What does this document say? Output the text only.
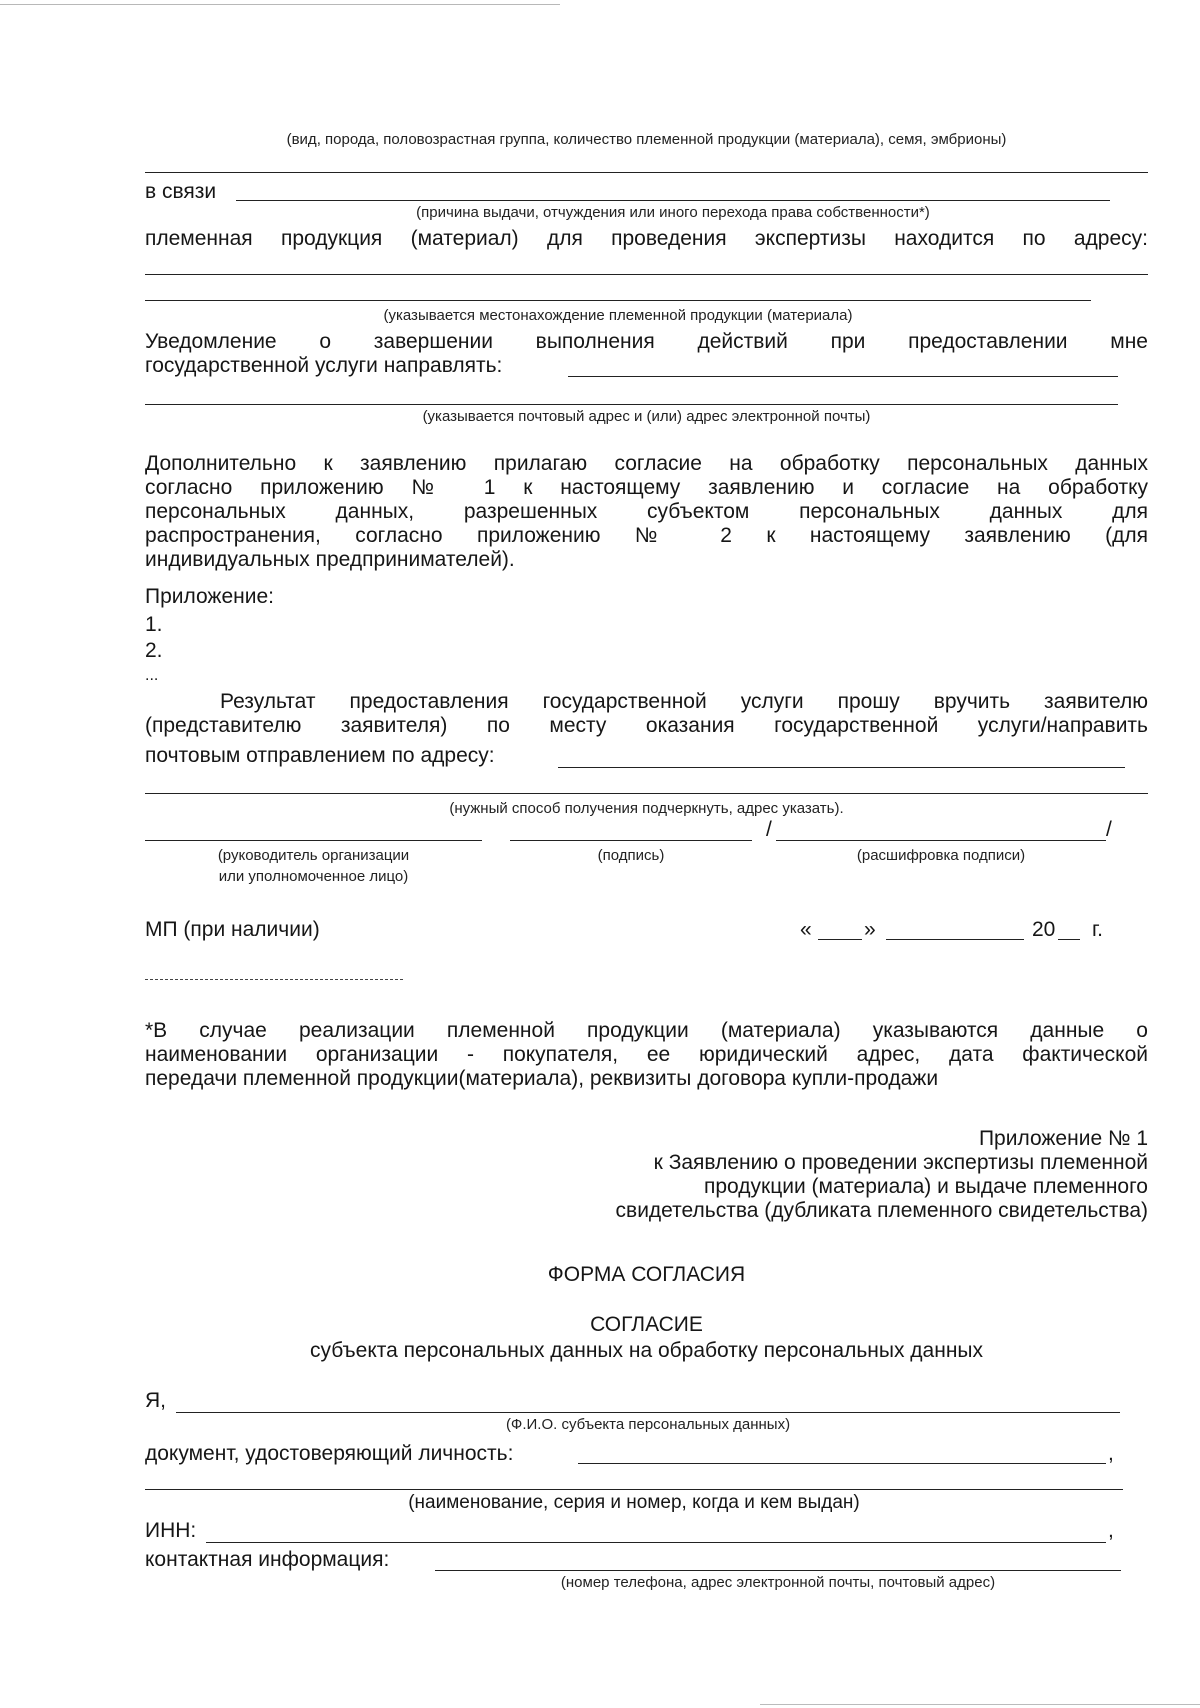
(вид, порода, половозрастная группа, количество племенной продукции (материала), семя, эмбрионы)
в связи
(причина выдачи, отчуждения или иного перехода права собственности*)
племенная продукция (материал) для проведения экспертизы находится по адресу:
(указывается местонахождение племенной продукции (материала)
Уведомление о завершении выполнения действий при предоставлении мне
государственной услуги направлять:
(указывается почтовый адрес и (или) адрес электронной почты)
Дополнительно к заявлению прилагаю согласие на обработку персональных данных
согласно приложению № 1 к настоящему заявлению и согласие на обработку
персональных данных, разрешенных субъектом персональных данных для
распространения, согласно приложению № 2 к настоящему заявлению (для
индивидуальных предпринимателей).
Приложение:
1.
2.
...
Результат предоставления государственной услуги прошу вручить заявителю
(представителю заявителя) по месту оказания государственной услуги/направить
почтовым отправлением по адресу:
(нужный способ получения подчеркнуть, адрес указать).
/	/
(руководитель организации
или уполномоченное лицо)
(подпись)	(расшифровка подписи)
МП (при наличии)	« »	20 г.
*В случае реализации племенной продукции (материала) указываются данные о
наименовании организации - покупателя, ее юридический адрес, дата фактической
передачи племенной продукции(материала), реквизиты договора купли-продажи
Приложение № 1
к Заявлению о проведении экспертизы племенной
продукции (материала) и выдаче племенного
свидетельства (дубликата племенного свидетельства)
ФОРМА СОГЛАСИЯ
СОГЛАСИЕ
субъекта персональных данных на обработку персональных данных
Я,
(Ф.И.О. субъекта персональных данных)
документ, удостоверяющий личность:	,
(наименование, серия и номер, когда и кем выдан)
ИНН:	,
контактная информация:
(номер телефона, адрес электронной почты, почтовый адрес)
